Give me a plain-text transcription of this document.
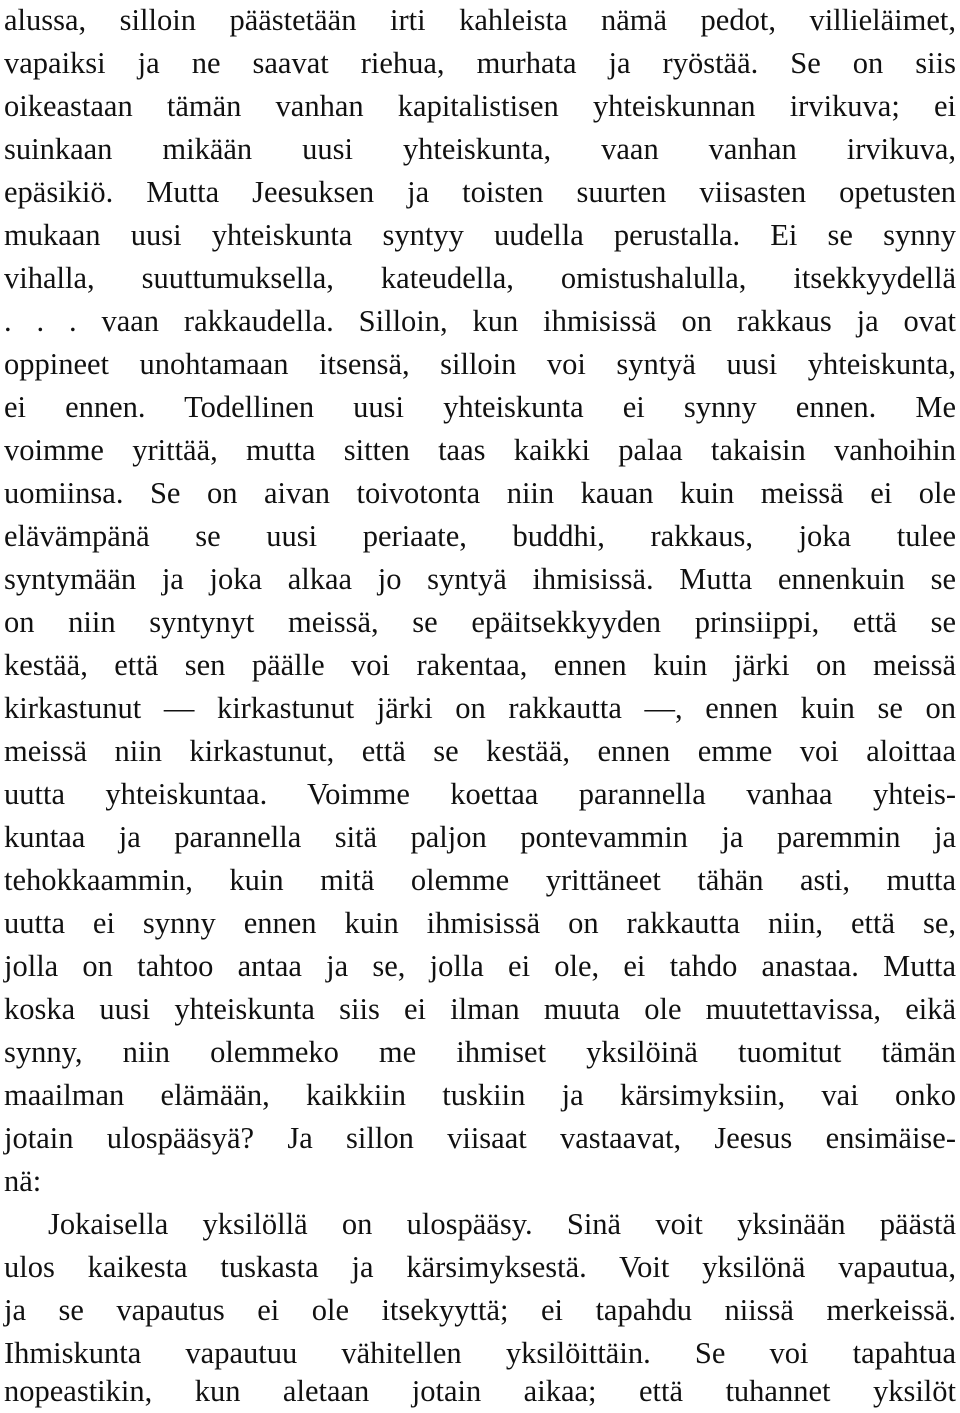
alussa, silloin päästetään irti kahleista nämä pedot, villieläimet,
vapaiksi ja ne saavat riehua, murhata ja ryöstää. Se on siis
oikeastaan tämän vanhan kapitalistisen yhteiskunnan irvikuva; ei
suinkaan mikään uusi yhteiskunta, vaan vanhan irvikuva,
epäsikiö. Mutta Jeesuksen ja toisten suurten viisasten opetusten
mukaan uusi yhteiskunta syntyy uudella perustalla. Ei se synny
vihalla, suuttumuksella, kateudella, omistushalulla, itsekkyydellä
. . . vaan rakkaudella. Silloin, kun ihmisissä on rakkaus ja ovat
oppineet unohtamaan itsensä, silloin voi syntyä uusi yhteiskunta,
ei ennen. Todellinen uusi yhteiskunta ei synny ennen. Me
voimme yrittää, mutta sitten taas kaikki palaa takaisin vanhoihin
uomiinsa. Se on aivan toivotonta niin kauan kuin meissä ei ole
elävämpänä se uusi periaate, buddhi, rakkaus, joka tulee
syntymään ja joka alkaa jo syntyä ihmisissä. Mutta ennenkuin se
on niin syntynyt meissä, se epäitsekkyyden prinsiippi, että se
kestää, että sen päälle voi rakentaa, ennen kuin järki on meissä
kirkastunut — kirkastunut järki on rakkautta —, ennen kuin se on
meissä niin kirkastunut, että se kestää, ennen emme voi aloittaa
uutta yhteiskuntaa. Voimme koettaa parannella vanhaa yhteis-
kuntaa ja parannella sitä paljon pontevammin ja paremmin ja
tehokkaammin, kuin mitä olemme yrittäneet tähän asti, mutta
uutta ei synny ennen kuin ihmisissä on rakkautta niin, että se,
jolla on tahtoo antaa ja se, jolla ei ole, ei tahdo anastaa. Mutta
koska uusi yhteiskunta siis ei ilman muuta ole muutettavissa, eikä
synny, niin olemmeko me ihmiset yksilöinä tuomitut tämän
maailman elämään, kaikkiin tuskiin ja kärsimyksiin, vai onko
jotain ulospääsyä? Ja sillon viisaat vastaavat, Jeesus ensimäise-
nä:
Jokaisella yksilöllä on ulospääsy. Sinä voit yksinään päästä
ulos kaikesta tuskasta ja kärsimyksestä. Voit yksilönä vapautua,
ja se vapautus ei ole itsekyyttä; ei tapahdu niissä merkeissä.
Ihmiskunta vapautuu vähitellen yksilöittäin. Se voi tapahtua
nopeastikin, kun aletaan jotain aikaa; että tuhannet yksilöt
